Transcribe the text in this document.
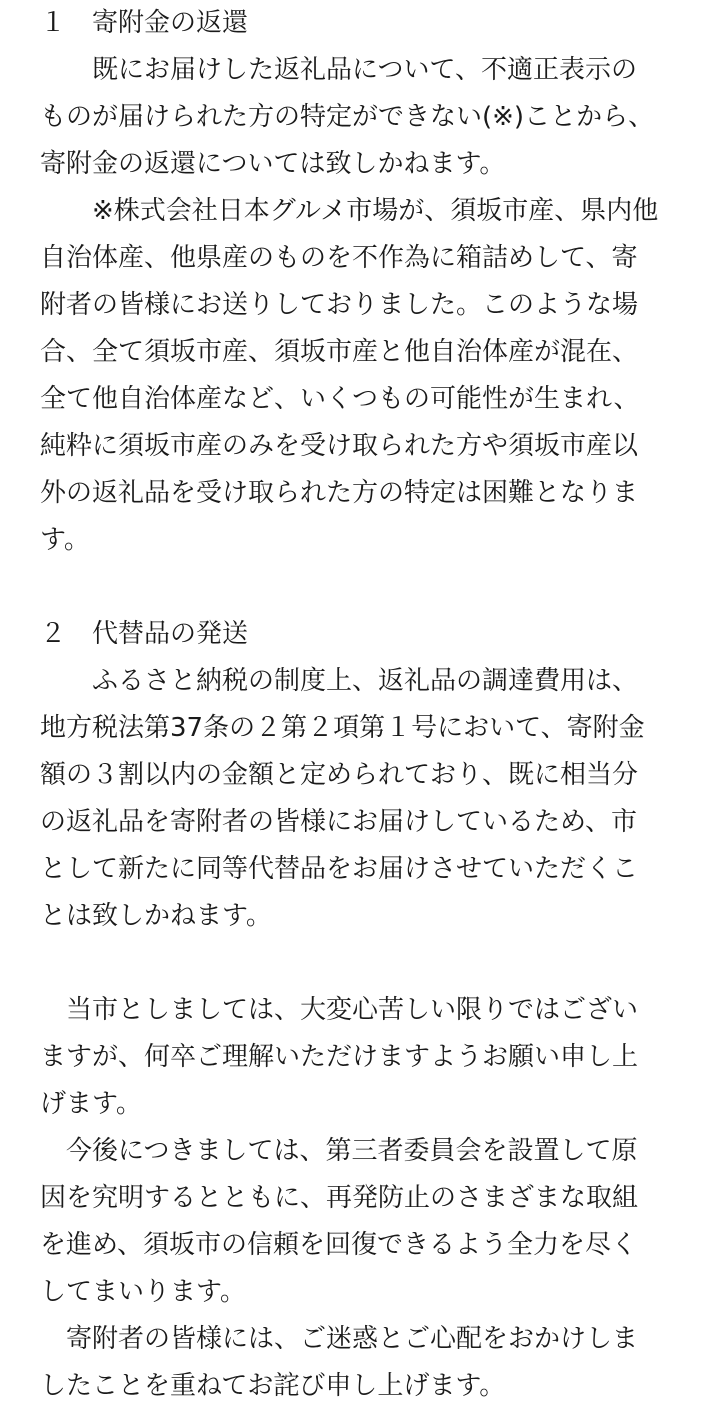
１　寄附金の返還
　　既にお届けした返礼品について、不適正表示の
ものが届けられた方の特定ができない(※)ことから、
寄附金の返還については致しかねます。
　　※株式会社日本グルメ市場が、須坂市産、県内他
自治体産、他県産のものを不作為に箱詰めして、寄
附者の皆様にお送りしておりました。このような場
合、全て須坂市産、須坂市産と他自治体産が混在、
全て他自治体産など、いくつもの可能性が生まれ、
純粋に須坂市産のみを受け取られた方や須坂市産以
外の返礼品を受け取られた方の特定は困難となりま
す。
２　代替品の発送
　　ふるさと納税の制度上、返礼品の調達費用は、
地方税法第37条の２第２項第１号において、寄附金
額の３割以内の金額と定められており、既に相当分
の返礼品を寄附者の皆様にお届けしているため、市
として新たに同等代替品をお届けさせていただくこ
とは致しかねます。
　当市としましては、大変心苦しい限りではござい
ますが、何卒ご理解いただけますようお願い申し上
げます。
　今後につきましては、第三者委員会を設置して原
因を究明するとともに、再発防止のさまざまな取組
を進め、須坂市の信頼を回復できるよう全力を尽く
してまいります。
　寄附者の皆様には、ご迷惑とご心配をおかけしま
したことを重ねてお詫び申し上げます。
